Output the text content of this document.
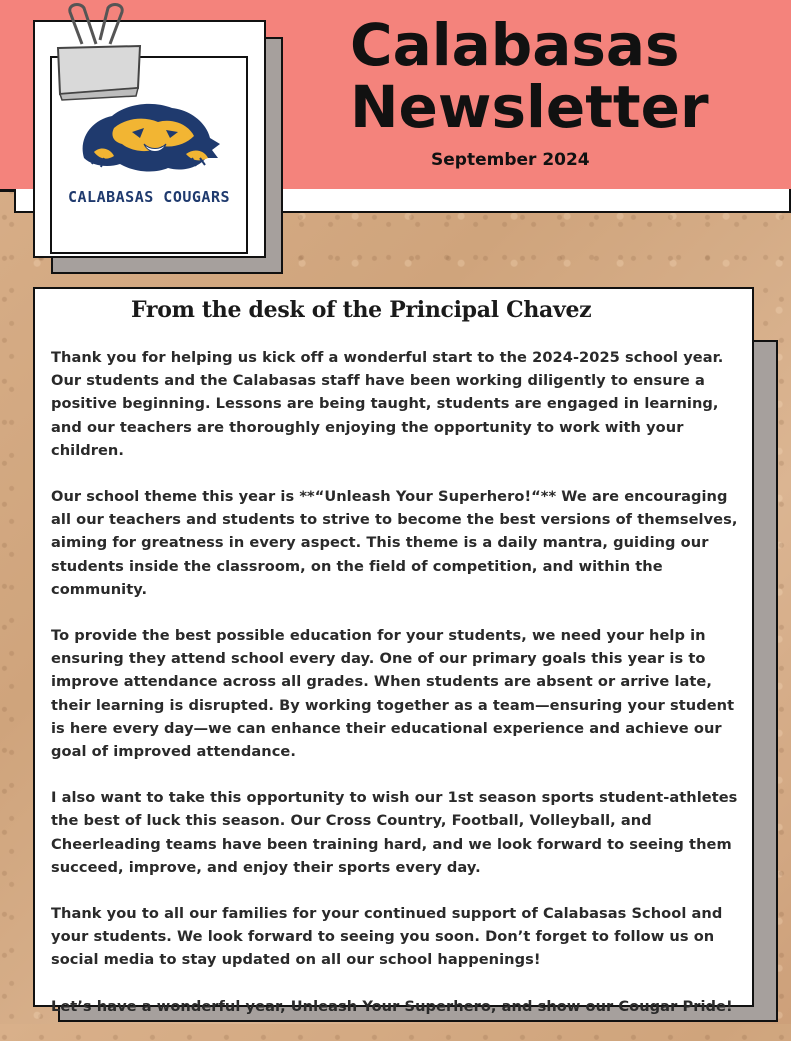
Calabasas
Newsletter
September 2024
CALABASAS COUGARS
From the desk of the Principal Chavez

Thank you for helping us kick off a wonderful start to the 2024-2025 school year. Our students and the Calabasas staff have been working diligently to ensure a positive beginning. Lessons are being taught, students are engaged in learning, and our teachers are thoroughly enjoying the opportunity to work with your children.

Our school theme this year is **“Unleash Your Superhero!“** We are encouraging all our teachers and students to strive to become the best versions of themselves, aiming for greatness in every aspect. This theme is a daily mantra, guiding our students inside the classroom, on the field of competition, and within the community.

To provide the best possible education for your students, we need your help in ensuring they attend school every day. One of our primary goals this year is to improve attendance across all grades. When students are absent or arrive late, their learning is disrupted. By working together as a team—ensuring your student is here every day—we can enhance their educational experience and achieve our goal of improved attendance.

I also want to take this opportunity to wish our 1st season sports student-athletes the best of luck this season. Our Cross Country, Football, Volleyball, and Cheerleading teams have been training hard, and we look forward to seeing them succeed, improve, and enjoy their sports every day.

Thank you to all our families for your continued support of Calabasas School and your students. We look forward to seeing you soon. Don’t forget to follow us on social media to stay updated on all our school happenings!

Let’s have a wonderful year, Unleash Your Superhero, and show our Cougar Pride!
